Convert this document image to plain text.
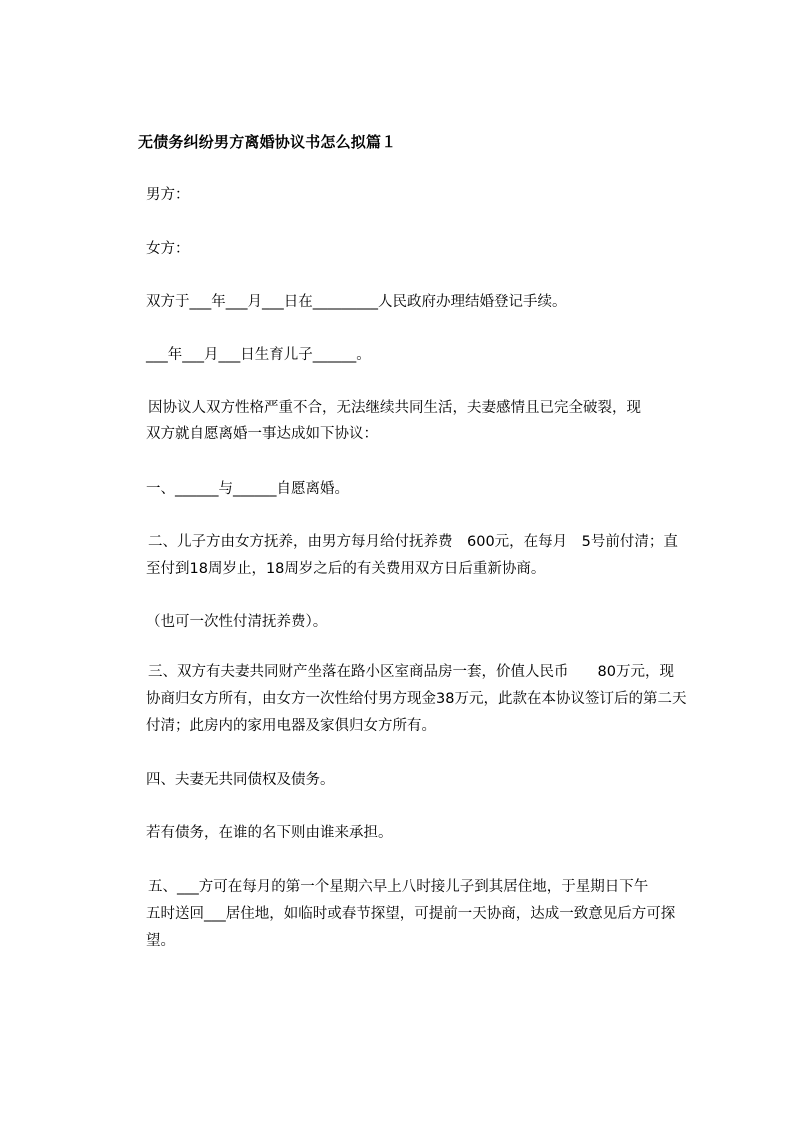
无债务纠纷男方离婚协议书怎么拟篇１
男方：
女方：
双方于___年___月___日在_________人民政府办理结婚登记手续。
___年___月___日生育儿子______。
因协议人双方性格严重不合，无法继续共同生活，夫妻感情且已完全破裂，现
双方就自愿离婚一事达成如下协议：
一、______与______自愿离婚。
二、儿子方由女方抚养，由男方每月给付抚养费　600元，在每月　5号前付清；直
至付到18周岁止，18周岁之后的有关费用双方日后重新协商。
（也可一次性付清抚养费）。
三、双方有夫妻共同财产坐落在路小区室商品房一套，价值人民币　　80万元，现
协商归女方所有，由女方一次性给付男方现金38万元，此款在本协议签订后的第二天
付清；此房内的家用电器及家俱归女方所有。
四、夫妻无共同债权及债务。
若有债务，在谁的名下则由谁来承担。
五、___方可在每月的第一个星期六早上八时接儿子到其居住地，于星期日下午
五时送回___居住地，如临时或春节探望，可提前一天协商，达成一致意见后方可探
望。
